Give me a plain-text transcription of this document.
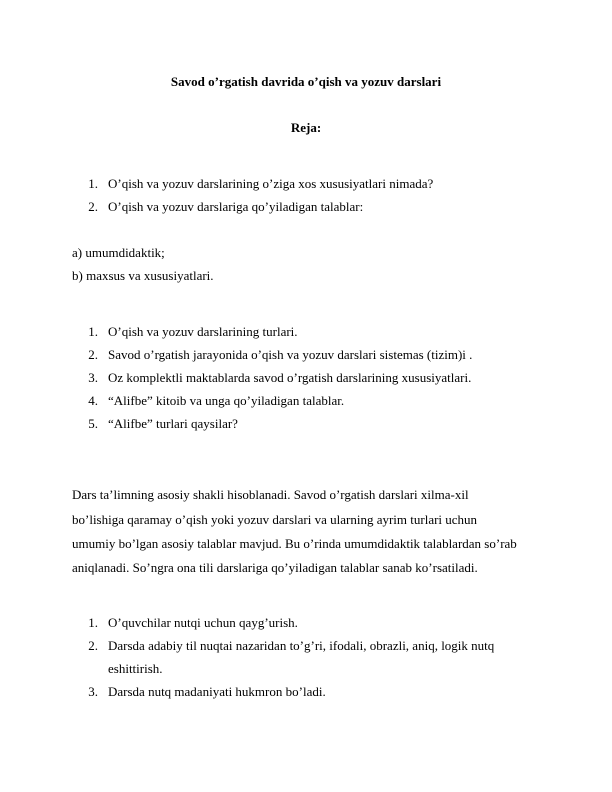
Savod o’rgatish davrida o’qish va yozuv darslari
Reja:
1. O’qish va yozuv darslarining o’ziga xos xususiyatlari nimada?
2. O’qish va yozuv darslariga qo’yiladigan talablar:
a) umumdidaktik;
b) maxsus va xususiyatlari.
1. O’qish va yozuv darslarining turlari.
2. Savod o’rgatish jarayonida o’qish va yozuv darslari sistemas (tizim)i .
3. Oz komplektli maktablarda savod o’rgatish darslarining xususiyatlari.
4. “Alifbe” kitoib va unga qo’yiladigan talablar.
5. “Alifbe” turlari qaysilar?
Dars ta’limning asosiy shakli hisoblanadi. Savod o’rgatish darslari xilma-xil
bo’lishiga qaramay o’qish yoki yozuv darslari va ularning ayrim turlari uchun
umumiy bo’lgan asosiy talablar mavjud. Bu o’rinda umumdidaktik talablardan so’rab
aniqlanadi. So’ngra ona tili darslariga qo’yiladigan talablar sanab ko’rsatiladi.
1. O’quvchilar nutqi uchun qayg’urish.
2. Darsda adabiy til nuqtai nazaridan to’g’ri, ifodali, obrazli, aniq, logik nutq
eshittirish.
3. Darsda nutq madaniyati hukmron bo’ladi.
